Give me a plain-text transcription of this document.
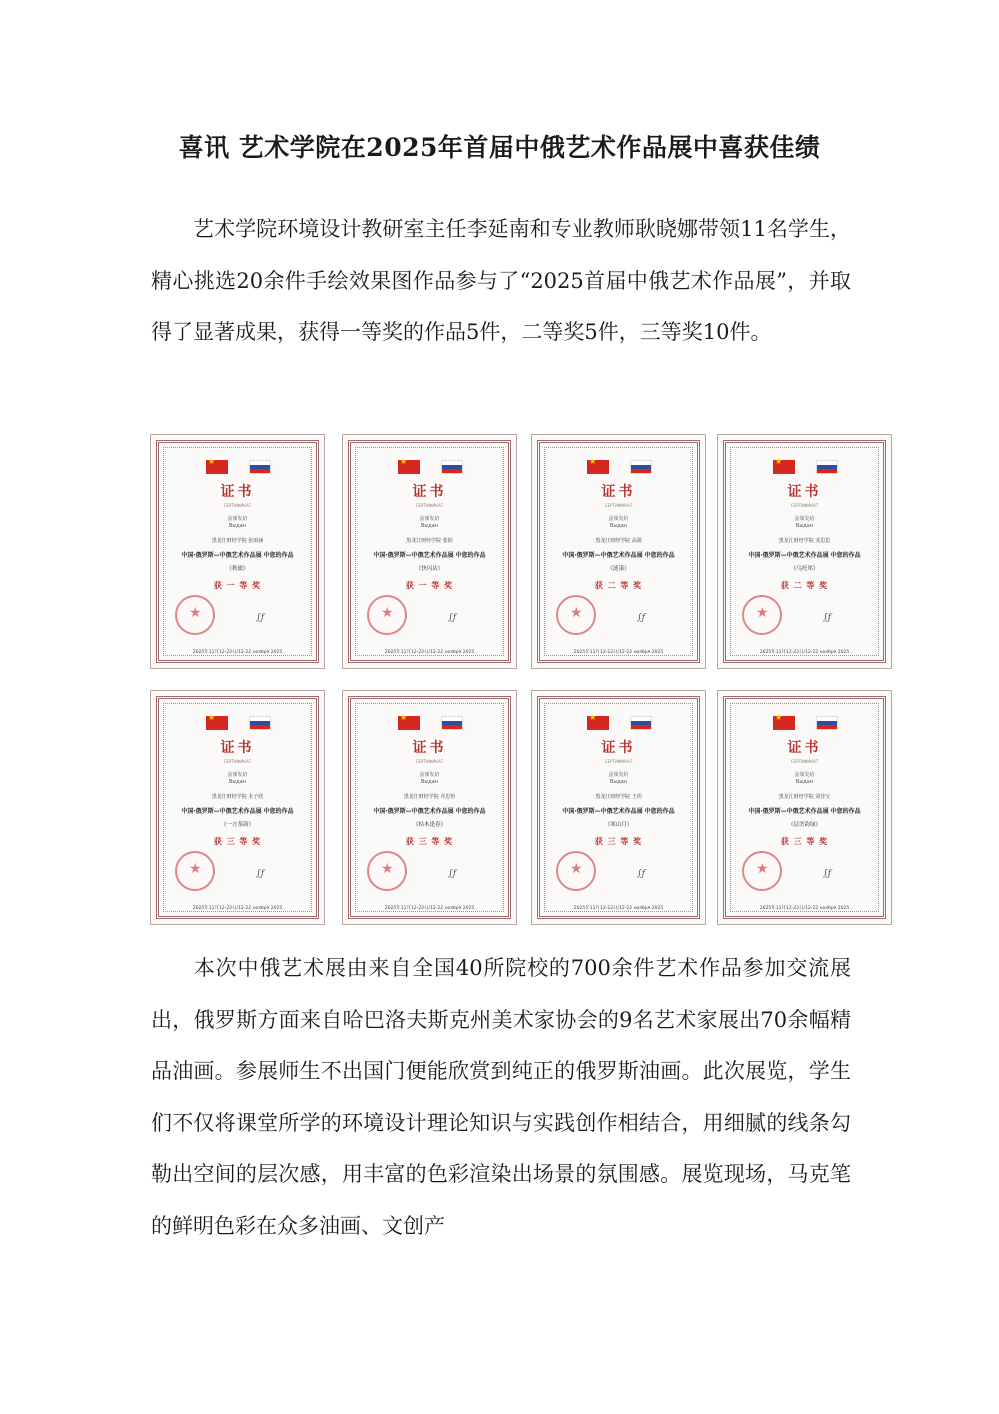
喜讯 艺术学院在2025年首届中俄艺术作品展中喜获佳绩
艺术学院环境设计教研室主任李延南和专业教师耿晓娜带领11名学生，精心挑选20余件手绘效果图作品参与了“2025首届中俄艺术作品展”，并取得了显著成果，获得一等奖的作品5件，二等奖5件，三等奖10件。
★
证书
СЕРТИФИКАТ
兹颁发给
Выдан
黑龙江财经学院 张雨涵
中国·俄罗斯—中俄艺术作品展 中您的作品
《秋旅》
获 一 等 奖
★
∫ƒ
2025年11月12-22日/12-22 ноября 2025
★
证书
СЕРТИФИКАТ
兹颁发给
Выдан
黑龙江财经学院 张阳
中国·俄罗斯—中俄艺术作品展 中您的作品
《快闪店》
获 一 等 奖
★
∫ƒ
2025年11月12-22日/12-22 ноября 2025
★
证书
СЕРТИФИКАТ
兹颁发给
Выдан
黑龙江财经学院 高源
中国·俄罗斯—中俄艺术作品展 中您的作品
《涟漾》
获 二 等 奖
★
∫ƒ
2025年11月12-22日/12-22 ноября 2025
★
证书
СЕРТИФИКАТ
兹颁发给
Выдан
黑龙江财经学院 龙思思
中国·俄罗斯—中俄艺术作品展 中您的作品
《乌托邦》
获 二 等 奖
★
∫ƒ
2025年11月12-22日/12-22 ноября 2025
★
证书
СЕРТИФИКАТ
兹颁发给
Выдан
黑龙江财经学院 木子欣
中国·俄罗斯—中俄艺术作品展 中您的作品
《一方茶韵》
获 三 等 奖
★
∫ƒ
2025年11月12-22日/12-22 ноября 2025
★
证书
СЕРТИФИКАТ
兹颁发给
Выдан
黑龙江财经学院 齐思怡
中国·俄罗斯—中俄艺术作品展 中您的作品
《枯木逢春》
获 三 等 奖
★
∫ƒ
2025年11月12-22日/12-22 ноября 2025
★
证书
СЕРТИФИКАТ
兹颁发给
Выдан
黑龙江财经学院 王玥
中国·俄罗斯—中俄艺术作品展 中您的作品
《寒山月》
获 三 等 奖
★
∫ƒ
2025年11月12-22日/12-22 ноября 2025
★
证书
СЕРТИФИКАТ
兹颁发给
Выдан
黑龙江财经学院 刘佳宝
中国·俄罗斯—中俄艺术作品展 中您的作品
《层峦韵绿》
获 三 等 奖
★
∫ƒ
2025年11月12-22日/12-22 ноября 2025
本次中俄艺术展由来自全国40所院校的700余件艺术作品参加交流展出，俄罗斯方面来自哈巴洛夫斯克州美术家协会的9名艺术家展出70余幅精品油画。参展师生不出国门便能欣赏到纯正的俄罗斯油画。此次展览，学生们不仅将课堂所学的环境设计理论知识与实践创作相结合，用细腻的线条勾勒出空间的层次感，用丰富的色彩渲染出场景的氛围感。展览现场，马克笔的鲜明色彩在众多油画、文创产
